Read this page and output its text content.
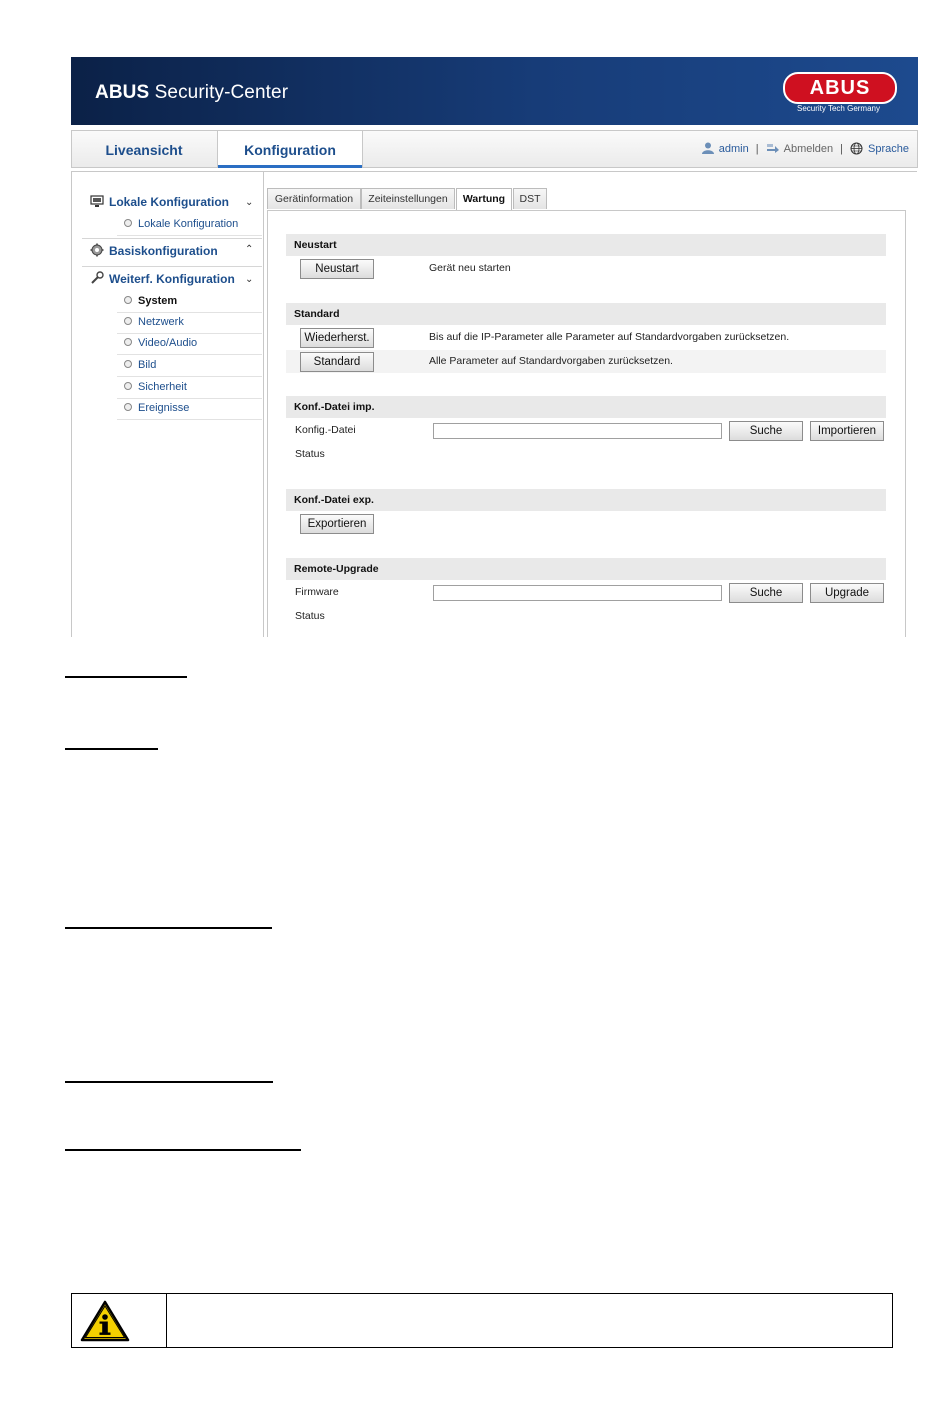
ABUS Security-Center	ABUS
Security Tech Germany
Liveansicht	Konfiguration	admin | Abmelden | Sprache
Lokale Konfiguration ⌄
Lokale Konfiguration
Basiskonfiguration	⌃
Weiterf. Konfiguration ⌄
System
Netzwerk
Video/Audio
Bild
Sicherheit
Ereignisse
Gerätinformation	Zeiteinstellungen	Wartung	DST
Neustart
Neustart	Gerät neu starten
Standard
Wiederherst.	Bis auf die IP-Parameter alle Parameter auf Standardvorgaben zurücksetzen.
Standard	Alle Parameter auf Standardvorgaben zurücksetzen.
Konf.-Datei imp.
Konfig.-Datei	Suche	Importieren
Status
Konf.-Datei exp.
Exportieren
Remote-Upgrade
Firmware	Suche	Upgrade
Status
